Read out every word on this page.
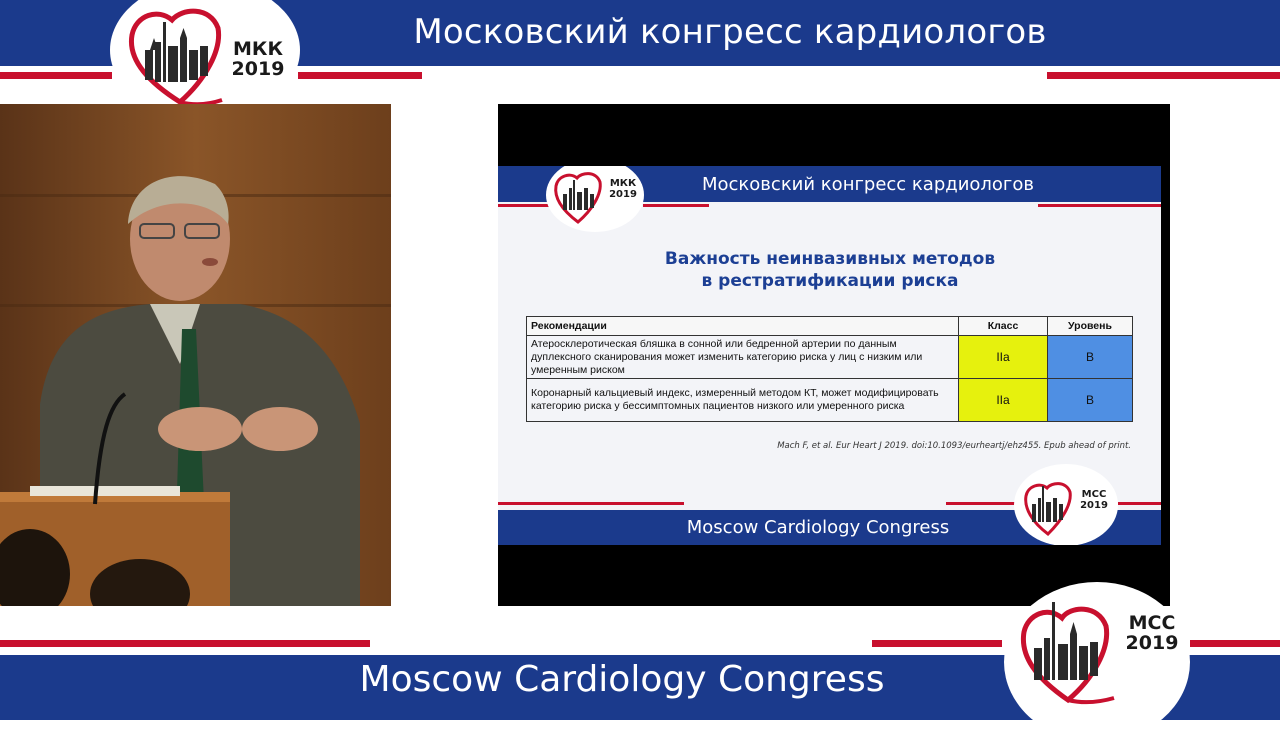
Московский конгресс кардиологов
МКК
2019
Московский конгресс кардиологов
МКК
2019
Важность неинвазивных методов
в рестратификации риска
Рекомендации	Класс	Уровень
Атеросклеротическая бляшка в сонной или бедренной артерии по данным дуплексного сканирования может изменить категорию риска у лиц с низким или умеренным риском	IIa	B
Коронарный кальциевый индекс, измеренный методом КТ, может модифицировать категорию риска у бессимптомных пациентов низкого или умеренного риска	IIa	B
Mach F, et al. Eur Heart J 2019. doi:10.1093/eurheartj/ehz455. Epub ahead of print.
Moscow Cardiology Congress
MCC
2019
Moscow Cardiology Congress
MCC
2019
